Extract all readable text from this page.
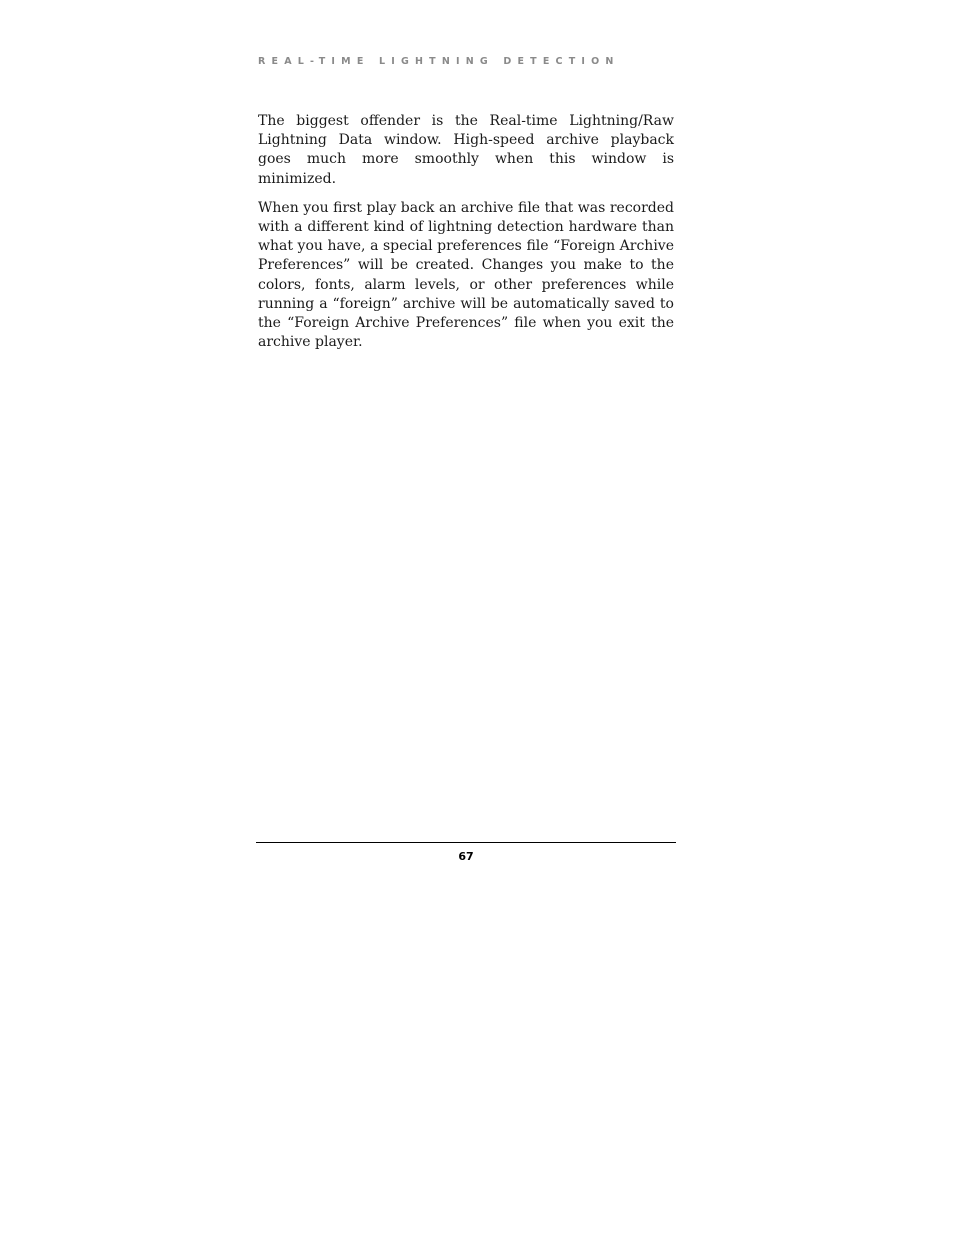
REAL-TIME LIGHTNING DETECTION

The biggest offender is the Real-time Lightning/Raw Lightning Data window. High-speed archive playback goes much more smoothly when this window is minimized.

When you first play back an archive file that was recorded with a different kind of lightning detection hardware than what you have, a special preferences file “Foreign Archive Preferences” will be created. Changes you make to the colors, fonts, alarm levels, or other preferences while running a “foreign” archive will be automatically saved to the “Foreign Archive Preferences” file when you exit the archive player.

67
